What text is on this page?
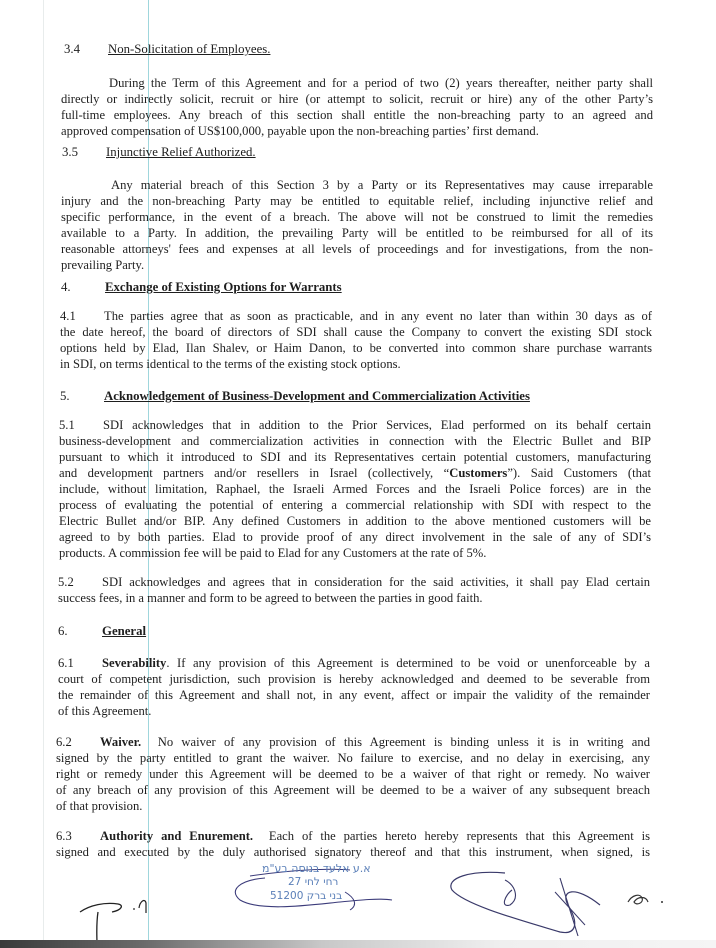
3.4 Non-Solicitation of Employees.
During the Term of this Agreement and for a period of two (2) years thereafter, neither party shall
directly or indirectly solicit, recruit or hire (or attempt to solicit, recruit or hire) any of the other Party’s
full-time employees. Any breach of this section shall entitle the non-breaching party to an agreed and
approved compensation of US$100,000, payable upon the non-breaching parties’ first demand.
3.5 Injunctive Relief Authorized.
Any material breach of this Section 3 by a Party or its Representatives may cause irreparable
injury and the non-breaching Party may be entitled to equitable relief, including injunctive relief and
specific performance, in the event of a breach. The above will not be construed to limit the remedies
available to a Party. In addition, the prevailing Party will be entitled to be reimbursed for all of its
reasonable attorneys' fees and expenses at all levels of proceedings and for investigations, from the non-
prevailing Party.
4.	Exchange of Existing Options for Warrants
4.1 The parties agree that as soon as practicable, and in any event no later than within 30 days as of
the date hereof, the board of directors of SDI shall cause the Company to convert the existing SDI stock
options held by Elad, Ilan Shalev, or Haim Danon, to be converted into common share purchase warrants
in SDI, on terms identical to the terms of the existing stock options.
5.	Acknowledgement of Business-Development and Commercialization Activities
5.1 SDI acknowledges that in addition to the Prior Services, Elad performed on its behalf certain
business-development and commercialization activities in connection with the Electric Bullet and BIP
pursuant to which it introduced to SDI and its Representatives certain potential customers, manufacturing
and development partners and/or resellers in Israel (collectively, “Customers”). Said Customers (that
include, without limitation, Raphael, the Israeli Armed Forces and the Israeli Police forces) are in the
process of evaluating the potential of entering a commercial relationship with SDI with respect to the
Electric Bullet and/or BIP. Any defined Customers in addition to the above mentioned customers will be
agreed to by both parties. Elad to provide proof of any direct involvement in the sale of any of SDI’s
products. A commission fee will be paid to Elad for any Customers at the rate of 5%.
5.2 SDI acknowledges and agrees that in consideration for the said activities, it shall pay Elad certain
success fees, in a manner and form to be agreed to between the parties in good faith.
6.	General
6.1 Severability. If any provision of this Agreement is determined to be void or unenforceable by a
court of competent jurisdiction, such provision is hereby acknowledged and deemed to be severable from
the remainder of this Agreement and shall not, in any event, affect or impair the validity of the remainder
of this Agreement.
6.2 Waiver.  No waiver of any provision of this Agreement is binding unless it is in writing and
signed by the party entitled to grant the waiver. No failure to exercise, and no delay in exercising, any
right or remedy under this Agreement will be deemed to be a waiver of that right or remedy. No waiver
of any breach of any provision of this Agreement will be deemed to be a waiver of any subsequent breach
of that provision.
6.3 Authority and Enurement.  Each of the parties hereto hereby represents that this Agreement is
signed and executed by the duly authorised signatory thereof and that this instrument, when signed, is
א.ע אלעד בנוסה בע"מ
רחי לחי 27
בני ברק 51200
